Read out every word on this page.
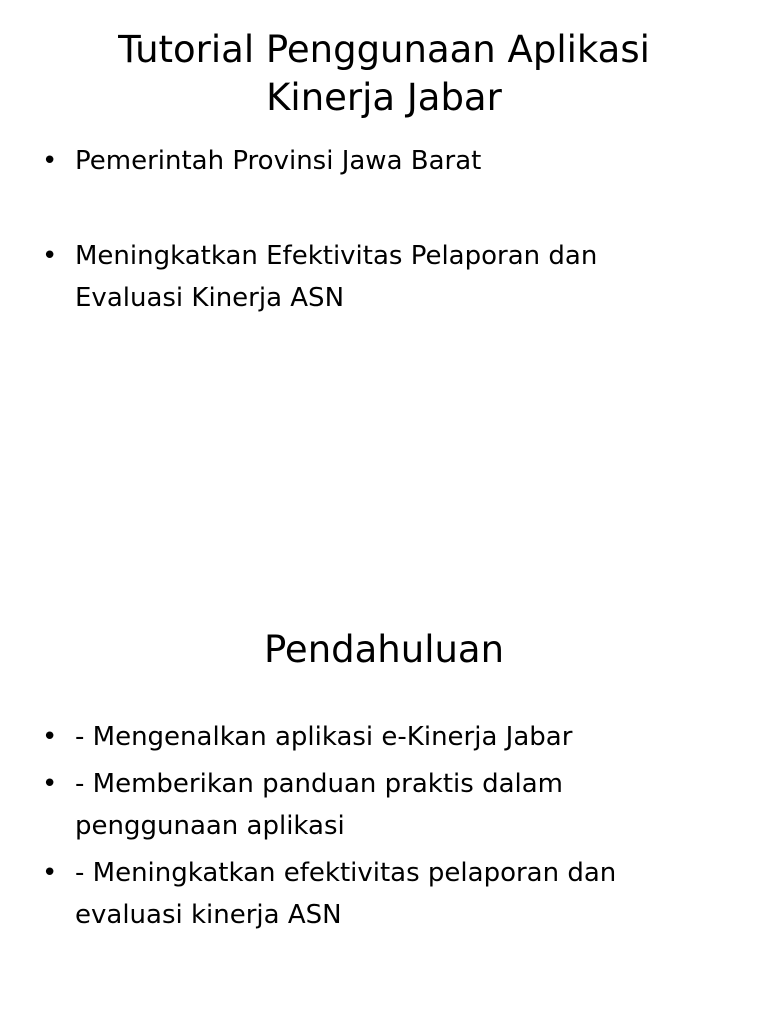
Tutorial Penggunaan Aplikasi
Kinerja Jabar
• Pemerintah Provinsi Jawa Barat
• Meningkatkan Efektivitas Pelaporan dan
Evaluasi Kinerja ASN
Pendahuluan
• - Mengenalkan aplikasi e-Kinerja Jabar
• - Memberikan panduan praktis dalam
penggunaan aplikasi
• - Meningkatkan efektivitas pelaporan dan
evaluasi kinerja ASN
